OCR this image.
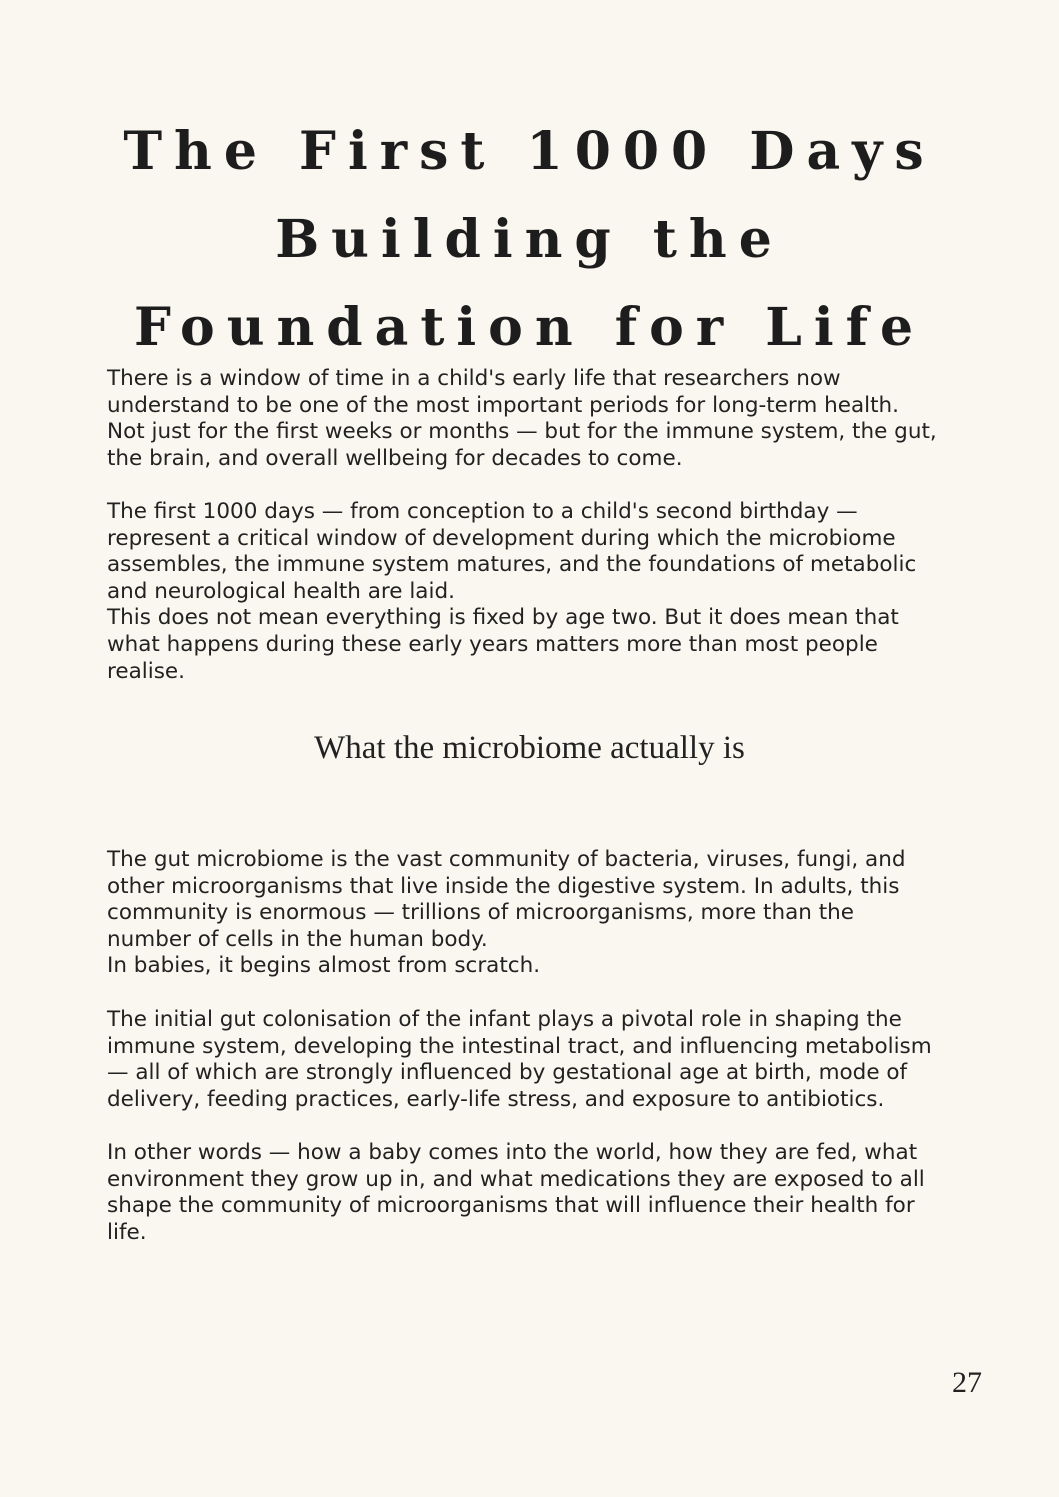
The First 1000 Days
Building the
Foundation for Life

There is a window of time in a child's early life that researchers now
understand to be one of the most important periods for long-term health.
Not just for the first weeks or months — but for the immune system, the gut,
the brain, and overall wellbeing for decades to come.

The first 1000 days — from conception to a child's second birthday —
represent a critical window of development during which the microbiome
assembles, the immune system matures, and the foundations of metabolic
and neurological health are laid.
This does not mean everything is fixed by age two. But it does mean that
what happens during these early years matters more than most people
realise.

What the microbiome actually is

The gut microbiome is the vast community of bacteria, viruses, fungi, and
other microorganisms that live inside the digestive system. In adults, this
community is enormous — trillions of microorganisms, more than the
number of cells in the human body.
In babies, it begins almost from scratch.

The initial gut colonisation of the infant plays a pivotal role in shaping the
immune system, developing the intestinal tract, and influencing metabolism
— all of which are strongly influenced by gestational age at birth, mode of
delivery, feeding practices, early-life stress, and exposure to antibiotics.

In other words — how a baby comes into the world, how they are fed, what
environment they grow up in, and what medications they are exposed to all
shape the community of microorganisms that will influence their health for
life.

27
